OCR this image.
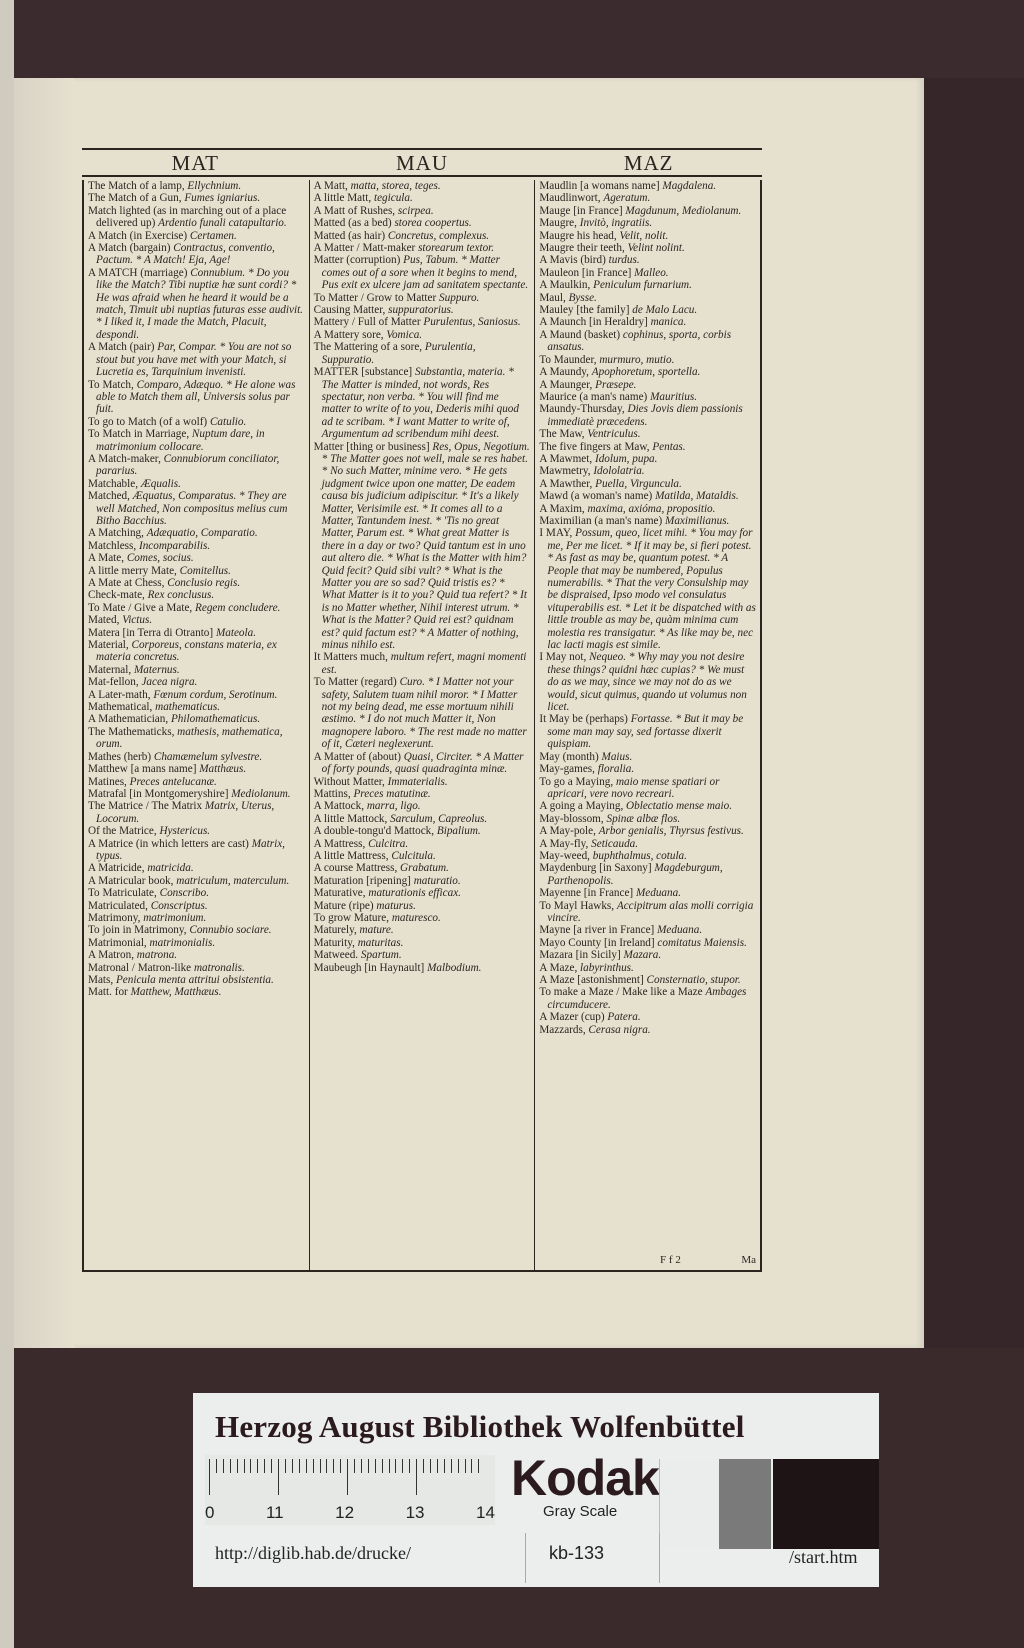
MAT	MAU	MAZ

The Match of a lamp, Ellychnium.

The Match of a Gun, Fumes igniarius.

Match lighted (as in marching out of a place delivered up) Ardentio funali catapultario.

A Match (in Exercise) Certamen.

A Match (bargain) Contractus, conventio, Pactum. * A Match! Eja, Age!

A MATCH (marriage) Connubium. * Do you like the Match? Tibi nuptiæ hæ sunt cordi? * He was afraid when he heard it would be a match, Timuit ubi nuptias futuras esse audivit. * I liked it, I made the Match, Placuit, despondi.

A Match (pair) Par, Compar. * You are not so stout but you have met with your Match, si Lucretia es, Tarquinium invenisti.

To Match, Comparo, Adæquo. * He alone was able to Match them all, Universis solus par fuit.

To go to Match (of a wolf) Catulio.

To Match in Marriage, Nuptum dare, in matrimonium collocare.

A Match-maker, Connubiorum conciliator, pararius.

Matchable, Æqualis.

Matched, Æquatus, Comparatus. * They are well Matched, Non compositus melius cum Bitho Bacchius.

A Matching, Adæquatio, Comparatio.

Matchless, Incomparabilis.

A Mate, Comes, socius.

A little merry Mate, Comitellus.

A Mate at Chess, Conclusio regis.

Check-mate, Rex conclusus.

To Mate / Give a Mate, Regem concludere.

Mated, Victus.

Matera [in Terra di Otranto] Mateola.

Material, Corporeus, constans materia, ex materia concretus.

Maternal, Maternus.

Mat-fellon, Jacea nigra.

A Later-math, Fœnum cordum, Serotinum.

Mathematical, mathematicus.

A Mathematician, Philomathematicus.

The Mathematicks, mathesis, mathematica, orum.

Mathes (herb) Chamæmelum sylvestre.

Matthew [a mans name] Matthæus.

Matines, Preces antelucanæ.

Matrafal [in Montgomeryshire] Mediolanum.

The Matrice / The Matrix Matrix, Uterus, Locorum.

Of the Matrice, Hystericus.

A Matrice (in which letters are cast) Matrix, typus.

A Matricide, matricida.

A Matricular book, matriculum, materculum.

To Matriculate, Conscribo.

Matriculated, Conscriptus.

Matrimony, matrimonium.

To join in Matrimony, Connubio sociare.

Matrimonial, matrimonialis.

A Matron, matrona.

Matronal / Matron-like matronalis.

Mats, Penicula menta attritui obsistentia.

Matt. for Matthew, Matthæus.

A Matt, matta, storea, teges.

A little Matt, tegicula.

A Matt of Rushes, scirpea.

Matted (as a bed) storea coopertus.

Matted (as hair) Concretus, complexus.

A Matter / Matt-maker storearum textor.

Matter (corruption) Pus, Tabum. * Matter comes out of a sore when it begins to mend, Pus exit ex ulcere jam ad sanitatem spectante.

To Matter / Grow to Matter Suppuro.

Causing Matter, suppuratorius.

Mattery / Full of Matter Purulentus, Saniosus.

A Mattery sore, Vomica.

The Mattering of a sore, Purulentia, Suppuratio.

MATTER [substance] Substantia, materia. * The Matter is minded, not words, Res spectatur, non verba. * You will find me matter to write of to you, Dederis mihi quod ad te scribam. * I want Matter to write of, Argumentum ad scribendum mihi deest.

Matter [thing or business] Res, Opus, Negotium. * The Matter goes not well, male se res habet. * No such Matter, minime vero. * He gets judgment twice upon one matter, De eadem causa bis judicium adipiscitur. * It's a likely Matter, Verisimile est. * It comes all to a Matter, Tantundem inest. * 'Tis no great Matter, Parum est. * What great Matter is there in a day or two? Quid tantum est in uno aut altero die. * What is the Matter with him? Quid fecit? Quid sibi vult? * What is the Matter you are so sad? Quid tristis es? * What Matter is it to you? Quid tua refert? * It is no Matter whether, Nihil interest utrum. * What is the Matter? Quid rei est? quidnam est? quid factum est? * A Matter of nothing, minus nihilo est.

It Matters much, multum refert, magni momenti est.

To Matter (regard) Curo. * I Matter not your safety, Salutem tuam nihil moror. * I Matter not my being dead, me esse mortuum nihili æstimo. * I do not much Matter it, Non magnopere laboro. * The rest made no matter of it, Cæteri neglexerunt.

A Matter of (about) Quasi, Circiter. * A Matter of forty pounds, quasi quadraginta minæ.

Without Matter, Immaterialis.

Mattins, Preces matutinæ.

A Mattock, marra, ligo.

A little Mattock, Sarculum, Capreolus.

A double-tongu'd Mattock, Bipalium.

A Mattress, Culcitra.

A little Mattress, Culcitula.

A course Mattress, Grabatum.

Maturation [ripening] maturatio.

Maturative, maturationis efficax.

Mature (ripe) maturus.

To grow Mature, maturesco.

Maturely, mature.

Maturity, maturitas.

Matweed. Spartum.

Maubeugh [in Haynault] Malbodium.

Maudlin [a womans name] Magdalena.

Maudlinwort, Ageratum.

Mauge [in France] Magdunum, Mediolanum.

Maugre, Invitò, ingratiis.

Maugre his head, Velit, nolit.

Maugre their teeth, Velint nolint.

A Mavis (bird) turdus.

Mauleon [in France] Malleo.

A Maulkin, Peniculum furnarium.

Maul, Bysse.

Mauley [the family] de Malo Lacu.

A Maunch [in Heraldry] manica.

A Maund (basket) cophinus, sporta, corbis ansatus.

To Maunder, murmuro, mutio.

A Maundy, Apophoretum, sportella.

A Maunger, Præsepe.

Maurice (a man's name) Mauritius.

Maundy-Thursday, Dies Jovis diem passionis immediatè præcedens.

The Maw, Ventriculus.

The five fingers at Maw, Pentas.

A Mawmet, Idolum, pupa.

Mawmetry, Idololatria.

A Mawther, Puella, Virguncula.

Mawd (a woman's name) Matilda, Mataldis.

A Maxim, maxima, axióma, propositio.

Maximilian (a man's name) Maximilianus.

I MAY, Possum, queo, licet mihi. * You may for me, Per me licet. * If it may be, si fieri potest. * As fast as may be, quantum potest. * A People that may be numbered, Populus numerabilis. * That the very Consulship may be dispraised, Ipso modo vel consulatus vituperabilis est. * Let it be dispatched with as little trouble as may be, quàm minima cum molestia res transigatur. * As like may be, nec lac lacti magis est simile.

I May not, Nequeo. * Why may you not desire these things? quidni hæc cupias? * We must do as we may, since we may not do as we would, sicut quimus, quando ut volumus non licet.

It May be (perhaps) Fortasse. * But it may be some man may say, sed fortasse dixerit quispiam.

May (month) Maius.

May-games, floralia.

To go a Maying, maio mense spatiari or apricari, vere novo recreari.

A going a Maying, Oblectatio mense maio.

May-blossom, Spinæ albæ flos.

A May-pole, Arbor genialis, Thyrsus festivus.

A May-fly, Seticauda.

May-weed, buphthalmus, cotula.

Maydenburg [in Saxony] Magdeburgum, Parthenopolis.

Mayenne [in France] Meduana.

To Mayl Hawks, Accipitrum alas molli corrigia vincire.

Mayne [a river in France] Meduana.

Mayo County [in Ireland] comitatus Maiensis.

Mazara [in Sicily] Mazara.

A Maze, labyrinthus.

A Maze [astonishment] Consternatio, stupor.

To make a Maze / Make like a Maze Ambages circumducere.

A Mazer (cup) Patera.

Mazzards, Cerasa nigra.

F f 2	Ma
Herzog August Bibliothek Wolfenbüttel
0	11	12	13	14
Kodak
Gray Scale
http://diglib.hab.de/drucke/	kb-133	/start.htm
